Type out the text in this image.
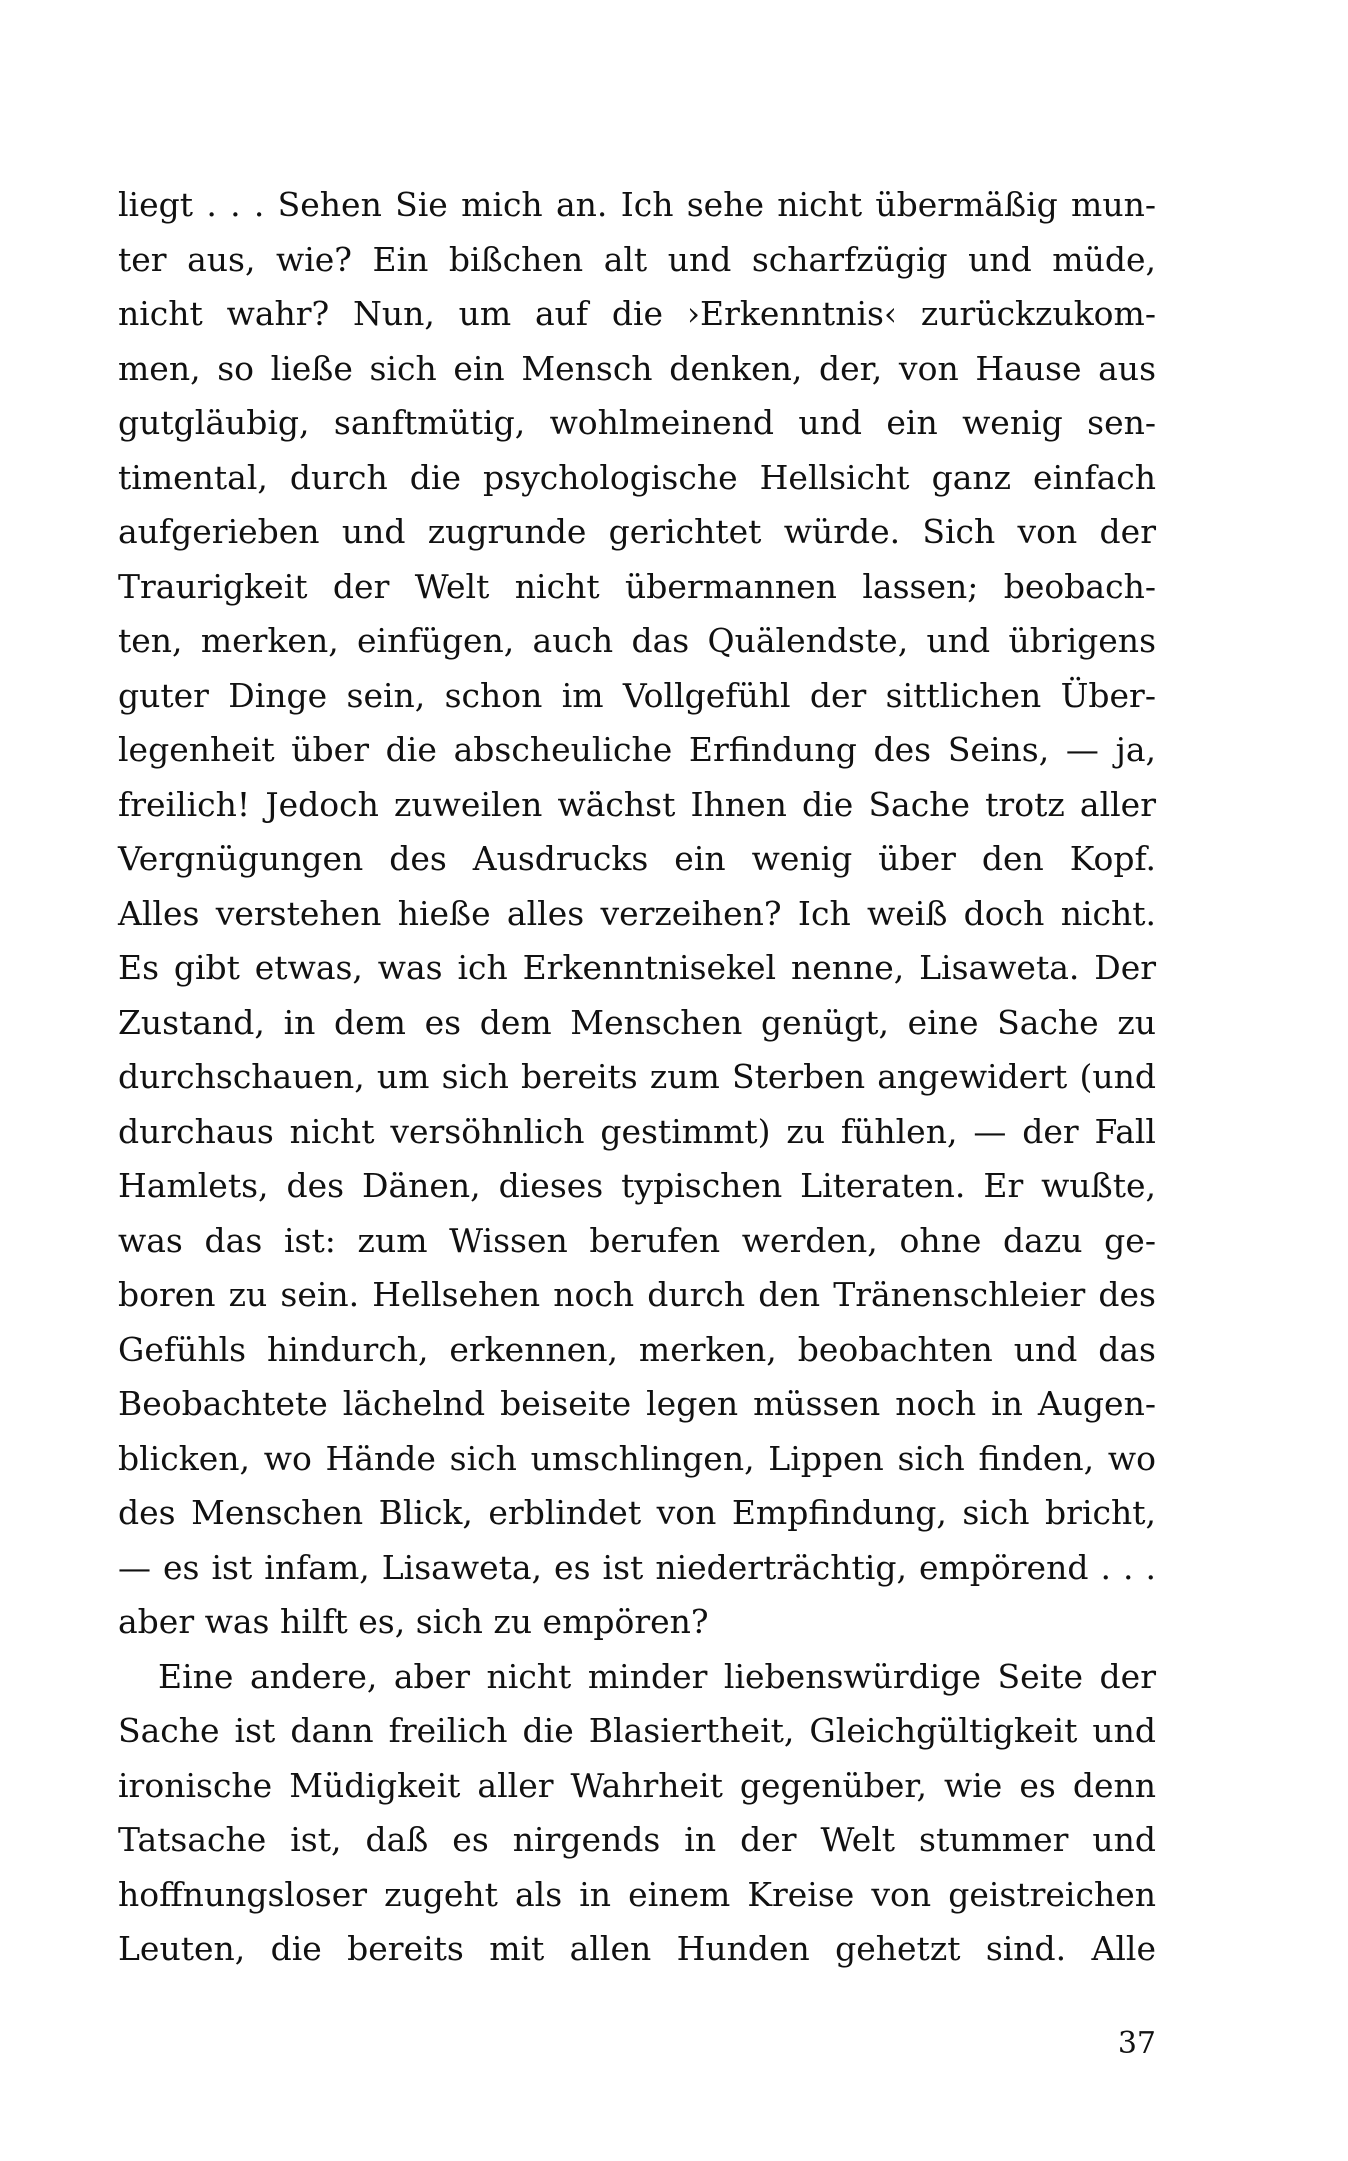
liegt . . . Sehen Sie mich an. Ich sehe nicht übermäßig mun-
ter aus, wie? Ein bißchen alt und scharfzügig und müde,
nicht wahr? Nun, um auf die ›Erkenntnis‹ zurückzukom-
men, so ließe sich ein Mensch denken, der, von Hause aus
gutgläubig, sanftmütig, wohlmeinend und ein wenig sen-
timental, durch die psychologische Hellsicht ganz einfach
aufgerieben und zugrunde gerichtet würde. Sich von der
Traurigkeit der Welt nicht übermannen lassen; beobach-
ten, merken, einfügen, auch das Quälendste, und übrigens
guter Dinge sein, schon im Vollgefühl der sittlichen Über-
legenheit über die abscheuliche Erfindung des Seins, — ja,
freilich! Jedoch zuweilen wächst Ihnen die Sache trotz aller
Vergnügungen des Ausdrucks ein wenig über den Kopf.
Alles verstehen hieße alles verzeihen? Ich weiß doch nicht.
Es gibt etwas, was ich Erkenntnisekel nenne, Lisaweta. Der
Zustand, in dem es dem Menschen genügt, eine Sache zu
durchschauen, um sich bereits zum Sterben angewidert (und
durchaus nicht versöhnlich gestimmt) zu fühlen, — der Fall
Hamlets, des Dänen, dieses typischen Literaten. Er wußte,
was das ist: zum Wissen berufen werden, ohne dazu ge-
boren zu sein. Hellsehen noch durch den Tränenschleier des
Gefühls hindurch, erkennen, merken, beobachten und das
Beobachtete lächelnd beiseite legen müssen noch in Augen-
blicken, wo Hände sich umschlingen, Lippen sich finden, wo
des Menschen Blick, erblindet von Empfindung, sich bricht,
— es ist infam, Lisaweta, es ist niederträchtig, empörend . . .
aber was hilft es, sich zu empören?
Eine andere, aber nicht minder liebenswürdige Seite der
Sache ist dann freilich die Blasiertheit, Gleichgültigkeit und
ironische Müdigkeit aller Wahrheit gegenüber, wie es denn
Tatsache ist, daß es nirgends in der Welt stummer und
hoffnungsloser zugeht als in einem Kreise von geistreichen
Leuten, die bereits mit allen Hunden gehetzt sind. Alle
37
